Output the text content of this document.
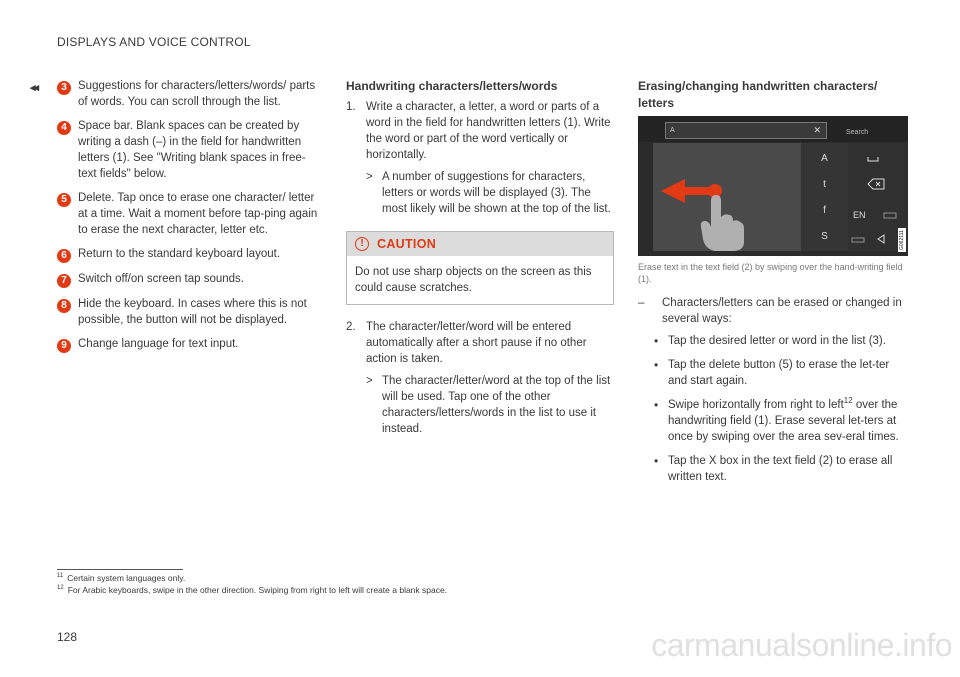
DISPLAYS AND VOICE CONTROL
◂◂	3 Suggestions for characters/letters/words/ parts of words. You can scroll through the list.
4 Space bar. Blank spaces can be created by writing a dash (–) in the field for handwritten letters (1). See "Writing blank spaces in free-text fields" below.
5 Delete. Tap once to erase one character/ letter at a time. Wait a moment before tap-ping again to erase the next character, letter etc.
6 Return to the standard keyboard layout.
7 Switch off/on screen tap sounds.
8 Hide the keyboard. In cases where this is not possible, the button will not be displayed.
9 Change language for text input.
Handwriting characters/letters/words
1. Write a character, a letter, a word or parts of a word in the field for handwritten letters (1). Write the word or part of the word vertically or horizontally.
> A number of suggestions for characters, letters or words will be displayed (3). The most likely will be shown at the top of the list.
!	CAUTION
Do not use sharp objects on the screen as this could cause scratches.
2. The character/letter/word will be entered automatically after a short pause if no other action is taken.
> The character/letter/word at the top of the list will be used. Tap one of the other characters/letters/words in the list to use it instead.
Erasing/changing handwritten characters/ letters
A	✕	Search
A
t
f
S
EN
G062111
Erase text in the text field (2) by swiping over the hand-writing field (1).
–	Characters/letters can be erased or changed in several ways:
• Tap the desired letter or word in the list (3).
• Tap the delete button (5) to erase the let-ter and start again.
• Swipe horizontally from right to left$^{12}$ over the handwriting field (1). Erase several let-ters at once by swiping over the area sev-eral times.
• Tap the X box in the text field (2) to erase all written text.
$^{11}$ Certain system languages only.
$^{12}$ For Arabic keyboards, swipe in the other direction. Swiping from right to left will create a blank space.
128	carmanualsonline.info
